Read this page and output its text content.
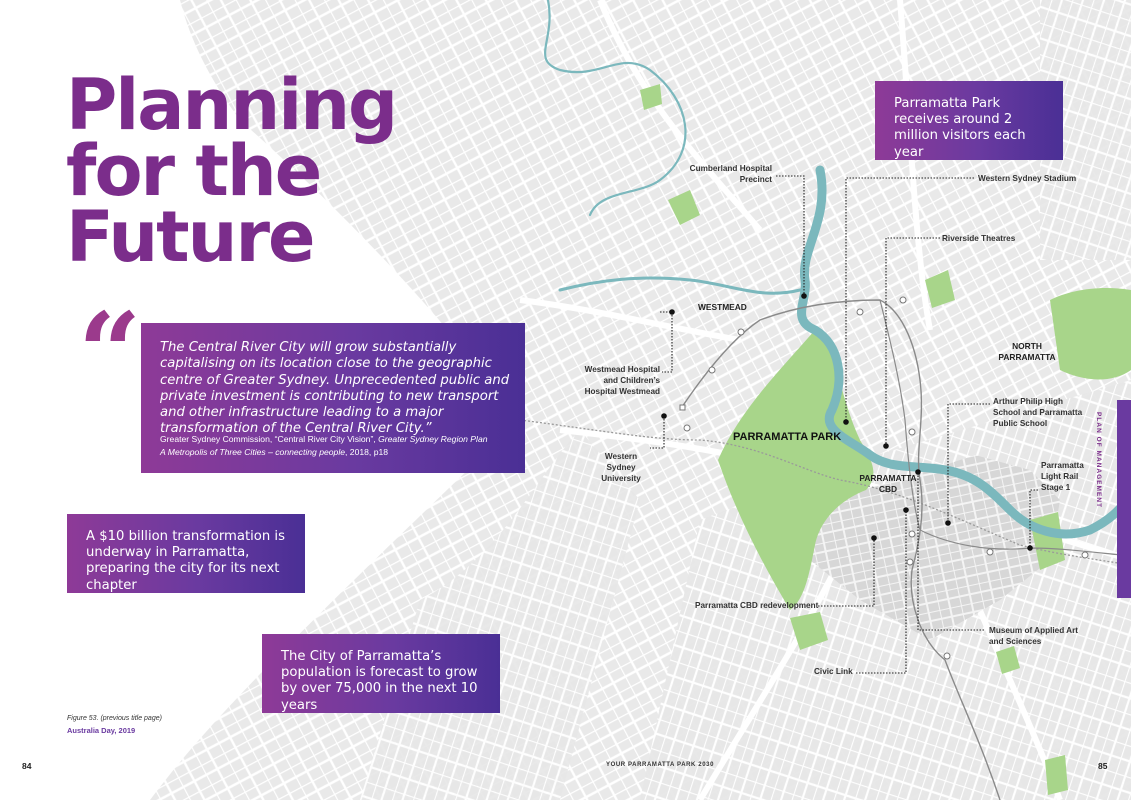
Planning
for the
Future
“ The Central River City will grow substantially capitalising on its location close to the geographic centre of Greater Sydney. Unprecedented public and private investment is contributing to new transport and other infrastructure leading to a major transformation of the Central River City.”

Greater Sydney Commission, “Central River City Vision”, Greater Sydney Region Plan
A Metropolis of Three Cities – connecting people, 2018, p18

A $10 billion transformation is underway in Parramatta, preparing the city for its next chapter

The City of Parramatta’s population is forecast to grow by over 75,000 in the next 10 years

Figure 53. (previous title page)
Australia Day, 2019
84

Parramatta Park receives around 2 million visitors each year

Cumberland Hospital Precinct	Western Sydney Stadium
Riverside Theatres
WESTMEAD
NORTH PARRAMATTA
Westmead Hospital and Children’s Hospital Westmead
Arthur Philip High School and Parramatta Public School
PARRAMATTA PARK
Western Sydney University	PARRAMATTA CBD
Parramatta Light Rail Stage 1
Parramatta CBD redevelopment
Museum of Applied Art and Sciences
Civic Link
YOUR PARRAMATTA PARK 2030	85
PLAN OF MANAGEMENT
